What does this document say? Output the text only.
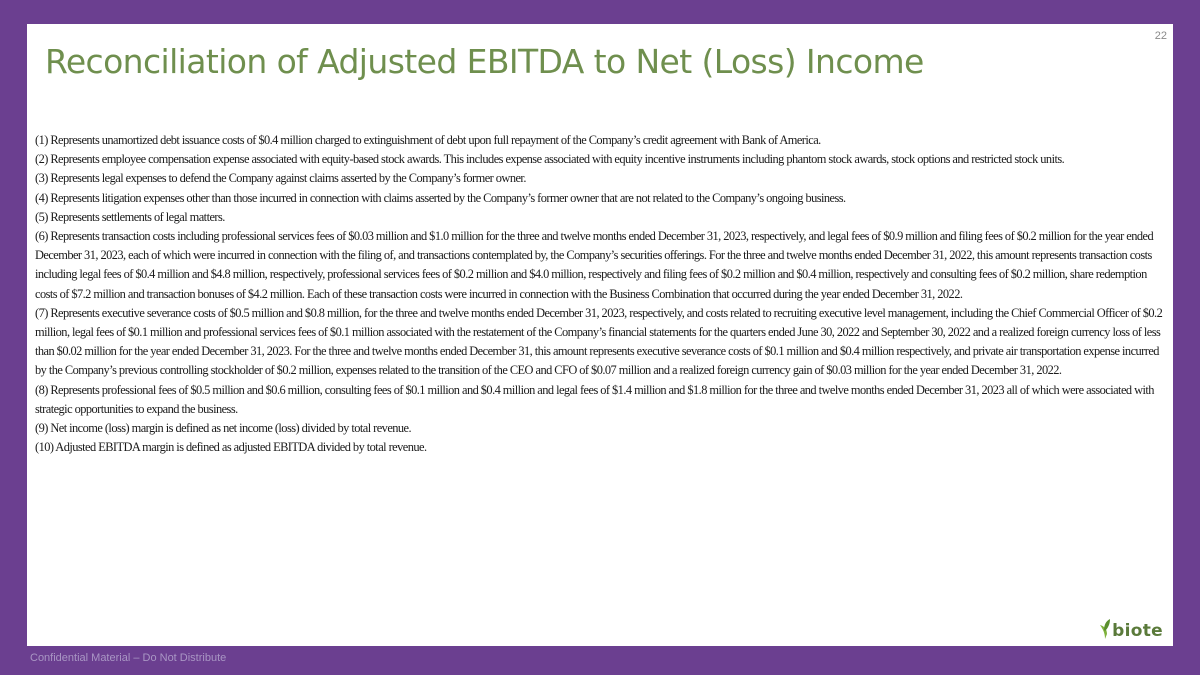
22
Reconciliation of Adjusted EBITDA to Net (Loss) Income

(1) Represents unamortized debt issuance costs of $0.4 million charged to extinguishment of debt upon full repayment of the Company’s credit agreement with Bank of America.

(2) Represents employee compensation expense associated with equity-based stock awards. This includes expense associated with equity incentive instruments including phantom stock awards, stock options and restricted stock units.

(3) Represents legal expenses to defend the Company against claims asserted by the Company’s former owner.

(4) Represents litigation expenses other than those incurred in connection with claims asserted by the Company’s former owner that are not related to the Company’s ongoing business.

(5) Represents settlements of legal matters.

(6) Represents transaction costs including professional services fees of $0.03 million and $1.0 million for the three and twelve months ended December 31, 2023, respectively, and legal fees of $0.9 million and filing fees of $0.2 million for the year ended December 31, 2023, each of which were incurred in connection with the filing of, and transactions contemplated by, the Company’s securities offerings. For the three and twelve months ended December 31, 2022, this amount represents transaction costs including legal fees of $0.4 million and $4.8 million, respectively, professional services fees of $0.2 million and $4.0 million, respectively and filing fees of $0.2 million and $0.4 million, respectively and consulting fees of $0.2 million, share redemption costs of $7.2 million and transaction bonuses of $4.2 million. Each of these transaction costs were incurred in connection with the Business Combination that occurred during the year ended December 31, 2022.

(7) Represents executive severance costs of $0.5 million and $0.8 million, for the three and twelve months ended December 31, 2023, respectively, and costs related to recruiting executive level management, including the Chief Commercial Officer of $0.2 million, legal fees of $0.1 million and professional services fees of $0.1 million associated with the restatement of the Company’s financial statements for the quarters ended June 30, 2022 and September 30, 2022 and a realized foreign currency loss of less than $0.02 million for the year ended December 31, 2023. For the three and twelve months ended December 31, this amount represents executive severance costs of $0.1 million and $0.4 million respectively, and private air transportation expense incurred by the Company’s previous controlling stockholder of $0.2 million, expenses related to the transition of the CEO and CFO of $0.07 million and a realized foreign currency gain of $0.03 million for the year ended December 31, 2022.

(8) Represents professional fees of $0.5 million and $0.6 million, consulting fees of $0.1 million and $0.4 million and legal fees of $1.4 million and $1.8 million for the three and twelve months ended December 31, 2023 all of which were associated with strategic opportunities to expand the business.

(9) Net income (loss) margin is defined as net income (loss) divided by total revenue.

(10) Adjusted EBITDA margin is defined as adjusted EBITDA divided by total revenue.

biote
Confidential Material – Do Not Distribute
